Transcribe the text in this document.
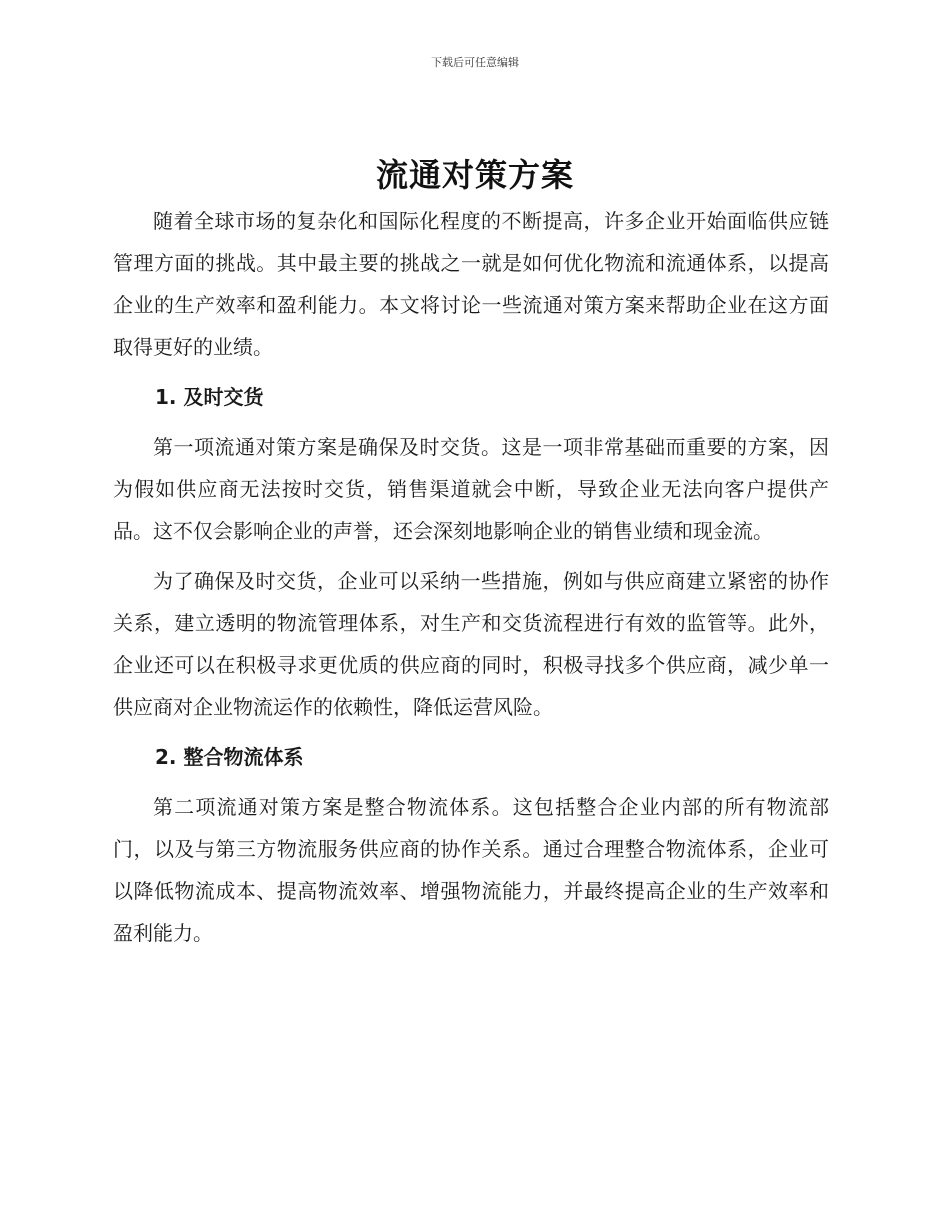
下载后可任意编辑
流通对策方案

随着全球市场的复杂化和国际化程度的不断提高，许多企业开始面临供应链管理方面的挑战。其中最主要的挑战之一就是如何优化物流和流通体系，以提高企业的生产效率和盈利能力。本文将讨论一些流通对策方案来帮助企业在这方面取得更好的业绩。

1. 及时交货

第一项流通对策方案是确保及时交货。这是一项非常基础而重要的方案，因为假如供应商无法按时交货，销售渠道就会中断，导致企业无法向客户提供产品。这不仅会影响企业的声誉，还会深刻地影响企业的销售业绩和现金流。

为了确保及时交货，企业可以采纳一些措施，例如与供应商建立紧密的协作关系，建立透明的物流管理体系，对生产和交货流程进行有效的监管等。此外，企业还可以在积极寻求更优质的供应商的同时，积极寻找多个供应商，减少单一供应商对企业物流运作的依赖性，降低运营风险。

2. 整合物流体系

第二项流通对策方案是整合物流体系。这包括整合企业内部的所有物流部门，以及与第三方物流服务供应商的协作关系。通过合理整合物流体系，企业可以降低物流成本、提高物流效率、增强物流能力，并最终提高企业的生产效率和盈利能力。
